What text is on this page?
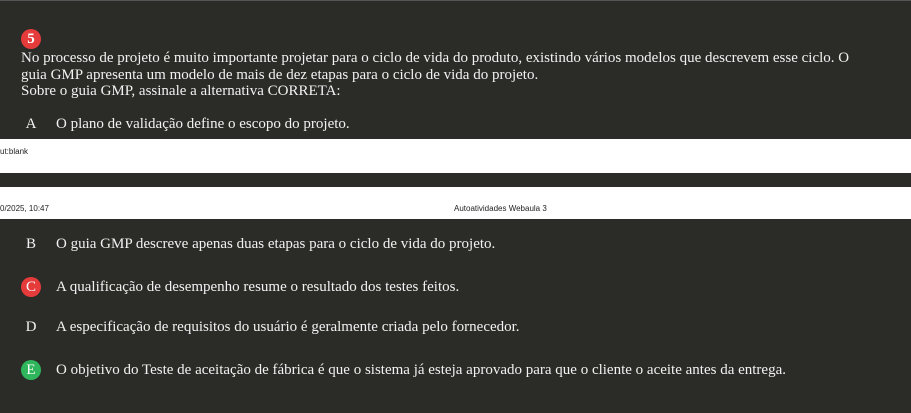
5
No processo de projeto é muito importante projetar para o ciclo de vida do produto, existindo vários modelos que descrevem esse ciclo. O
guia GMP apresenta um modelo de mais de dez etapas para o ciclo de vida do projeto.
Sobre o guia GMP, assinale a alternativa CORRETA:
A	O plano de validação define o escopo do projeto.
ut:blank
0/2025, 10:47	Autoatividades Webaula 3
B	O guia GMP descreve apenas duas etapas para o ciclo de vida do projeto.
C	A qualificação de desempenho resume o resultado dos testes feitos.
D	A especificação de requisitos do usuário é geralmente criada pelo fornecedor.
E	O objetivo do Teste de aceitação de fábrica é que o sistema já esteja aprovado para que o cliente o aceite antes da entrega.
